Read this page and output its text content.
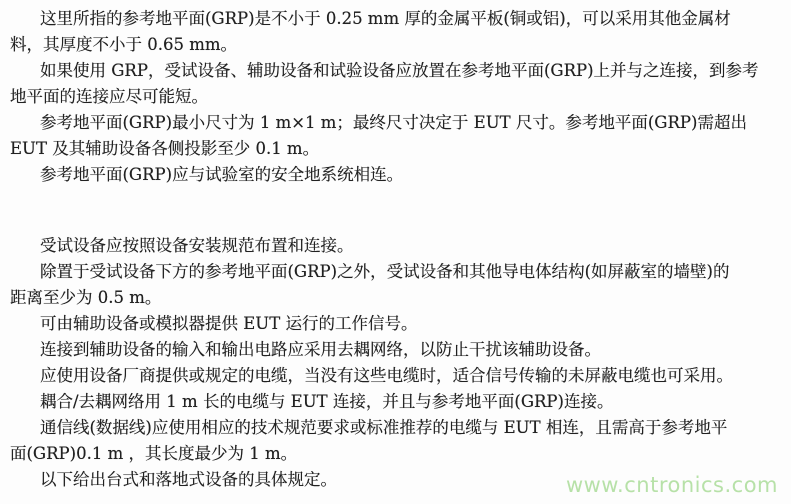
这里所指的参考地平面(GRP)是不小于 0.25 mm 厚的金属平板(铜或铝)，可以采用其他金属材
料，其厚度不小于 0.65 mm。
如果使用 GRP，受试设备、辅助设备和试验设备应放置在参考地平面(GRP)上并与之连接，到参考
地平面的连接应尽可能短。
参考地平面(GRP)最小尺寸为 1 m×1 m；最终尺寸决定于 EUT 尺寸。参考地平面(GRP)需超出
EUT 及其辅助设备各侧投影至少 0.1 m。
参考地平面(GRP)应与试验室的安全地系统相连。
受试设备应按照设备安装规范布置和连接。
除置于受试设备下方的参考地平面(GRP)之外，受试设备和其他导电体结构(如屏蔽室的墙壁)的
距离至少为 0.5 m。
可由辅助设备或模拟器提供 EUT 运行的工作信号。
连接到辅助设备的输入和输出电路应采用去耦网络，以防止干扰该辅助设备。
应使用设备厂商提供或规定的电缆，当没有这些电缆时，适合信号传输的未屏蔽电缆也可采用。
耦合/去耦网络用 1 m 长的电缆与 EUT 连接，并且与参考地平面(GRP)连接。
通信线(数据线)应使用相应的技术规范要求或标准推荐的电缆与 EUT 相连，且需高于参考地平
面(GRP)0.1 m ，其长度最少为 1 m。
以下给出台式和落地式设备的具体规定。	www.cntronics.com
